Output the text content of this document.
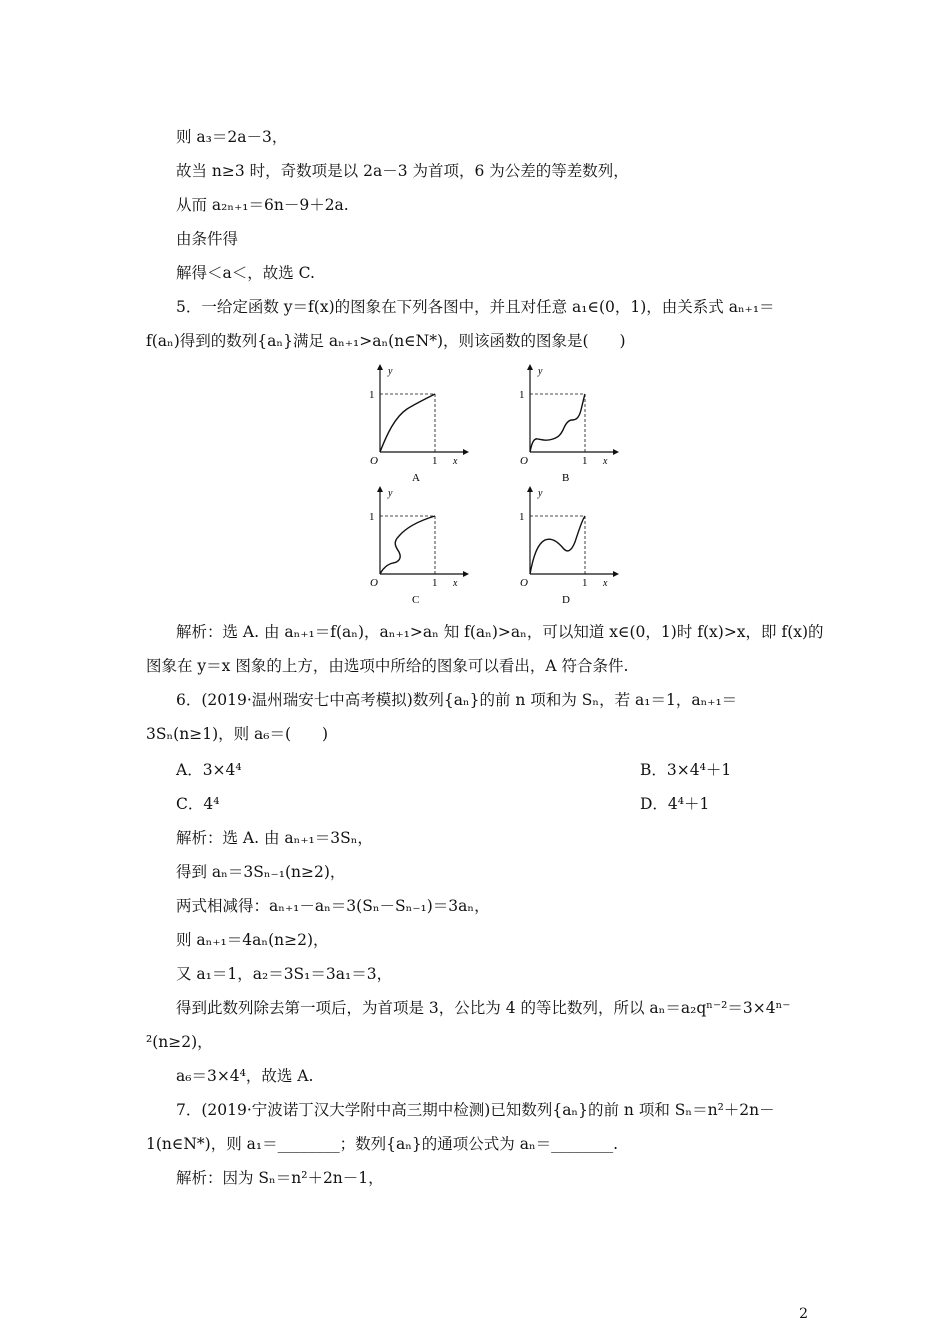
则 a₃＝2a－3，
故当 n≥3 时，奇数项是以 2a－3 为首项，6 为公差的等差数列，
从而 a₂ₙ₊₁＝6n－9＋2a.
由条件得
解得＜a＜，故选 C.
5．一给定函数 y＝f(x)的图象在下列各图中，并且对任意 a₁∈(0，1)，由关系式 aₙ₊₁＝
f(aₙ)得到的数列{aₙ}满足 aₙ₊₁>aₙ(n∈N*)，则该函数的图象是(　　)
y
x
O	1
1
A
y
x
O	1
1
B
y
x
O	1
1
C
y
x
O	1
1
D
解析：选 A. 由 aₙ₊₁＝f(aₙ)，aₙ₊₁>aₙ 知 f(aₙ)>aₙ，可以知道 x∈(0，1)时 f(x)>x，即 f(x)的
图象在 y＝x 图象的上方，由选项中所给的图象可以看出，A 符合条件.
6．(2019·温州瑞安七中高考模拟)数列{aₙ}的前 n 项和为 Sₙ，若 a₁＝1，aₙ₊₁＝
3Sₙ(n≥1)，则 a₆＝(　　)
A．3×4⁴	B．3×4⁴＋1
C．4⁴	D．4⁴＋1
解析：选 A. 由 aₙ₊₁＝3Sₙ，
得到 aₙ＝3Sₙ₋₁(n≥2)，
两式相减得：aₙ₊₁－aₙ＝3(Sₙ－Sₙ₋₁)＝3aₙ，
则 aₙ₊₁＝4aₙ(n≥2)，
又 a₁＝1，a₂＝3S₁＝3a₁＝3，
得到此数列除去第一项后，为首项是 3，公比为 4 的等比数列，所以 aₙ＝a₂qⁿ⁻²＝3×4ⁿ⁻
²(n≥2)，
a₆＝3×4⁴，故选 A.
7．(2019·宁波诺丁汉大学附中高三期中检测)已知数列{aₙ}的前 n 项和 Sₙ＝n²＋2n－
1(n∈N*)，则 a₁＝________；数列{aₙ}的通项公式为 aₙ＝________.
解析：因为 Sₙ＝n²＋2n－1，
2
